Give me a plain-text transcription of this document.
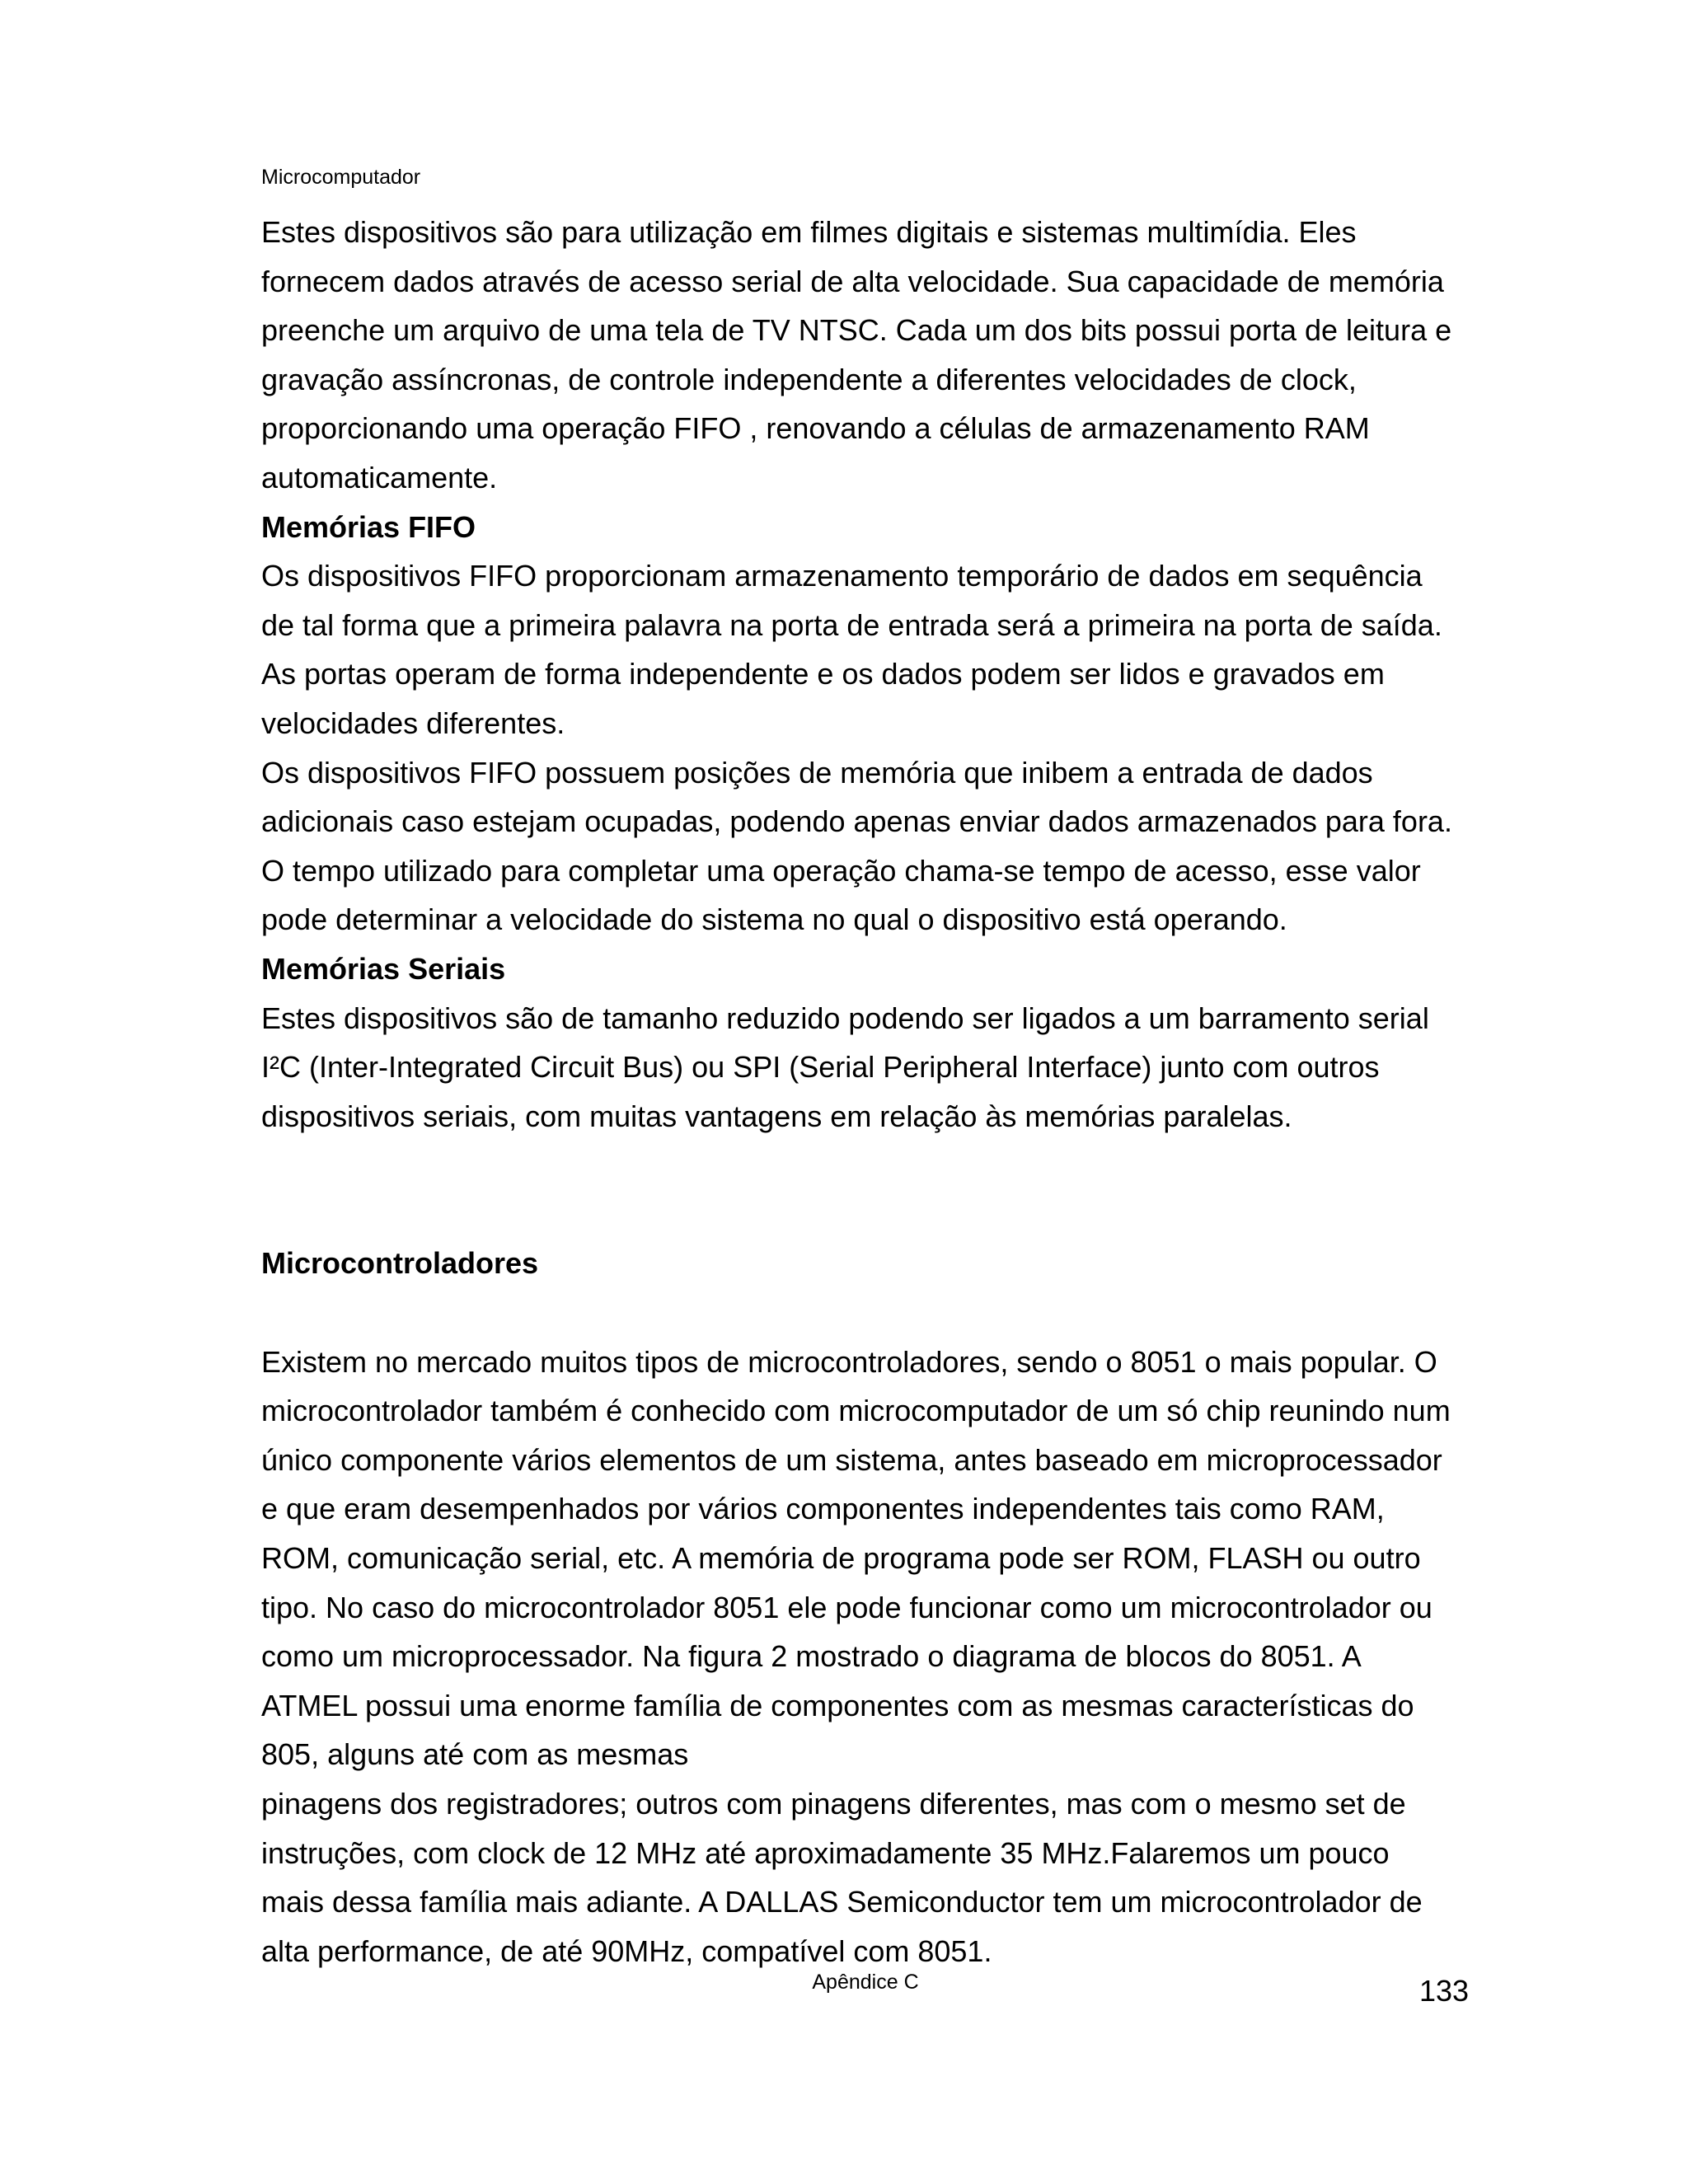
Microcomputador

Estes dispositivos são para utilização em filmes digitais e sistemas multimídia. Eles

fornecem dados através de acesso serial de alta velocidade. Sua capacidade de memória

preenche um arquivo de uma tela de TV NTSC. Cada um dos bits possui porta de leitura e

gravação assíncronas, de controle independente a diferentes velocidades de clock,

proporcionando uma operação FIFO , renovando a células de armazenamento RAM

automaticamente.

Memórias FIFO

Os dispositivos FIFO proporcionam armazenamento temporário de dados em sequência

de tal forma que a primeira palavra na porta de entrada será a primeira na porta de saída.

As portas operam de forma independente e os dados podem ser lidos e gravados em

velocidades diferentes.

Os dispositivos FIFO possuem posições de memória que inibem a entrada de dados

adicionais caso estejam ocupadas, podendo apenas enviar dados armazenados para fora.

O tempo utilizado para completar uma operação chama-se tempo de acesso, esse valor

pode determinar a velocidade do sistema no qual o dispositivo está operando.

Memórias Seriais

Estes dispositivos são de tamanho reduzido podendo ser ligados a um barramento serial

I²C (Inter-Integrated Circuit Bus) ou SPI (Serial Peripheral Interface) junto com outros

dispositivos seriais, com muitas vantagens em relação às memórias paralelas.

Microcontroladores

Existem no mercado muitos tipos de microcontroladores, sendo o 8051 o mais popular. O

microcontrolador também é conhecido com microcomputador de um só chip reunindo num

único componente vários elementos de um sistema, antes baseado em microprocessador

e que eram desempenhados por vários componentes independentes tais como RAM,

ROM, comunicação serial, etc. A memória de programa pode ser ROM, FLASH ou outro

tipo. No caso do microcontrolador 8051 ele pode funcionar como um microcontrolador ou

como um microprocessador. Na figura 2 mostrado o diagrama de blocos do 8051. A

ATMEL possui uma enorme família de componentes com as mesmas características do

805, alguns até com as mesmas

pinagens dos registradores; outros com pinagens diferentes, mas com o mesmo set de

instruções, com clock de 12 MHz até aproximadamente 35 MHz.Falaremos um pouco

mais dessa família mais adiante. A DALLAS Semiconductor tem um microcontrolador de

alta performance, de até 90MHz, compatível com 8051.

Apêndice C	133
